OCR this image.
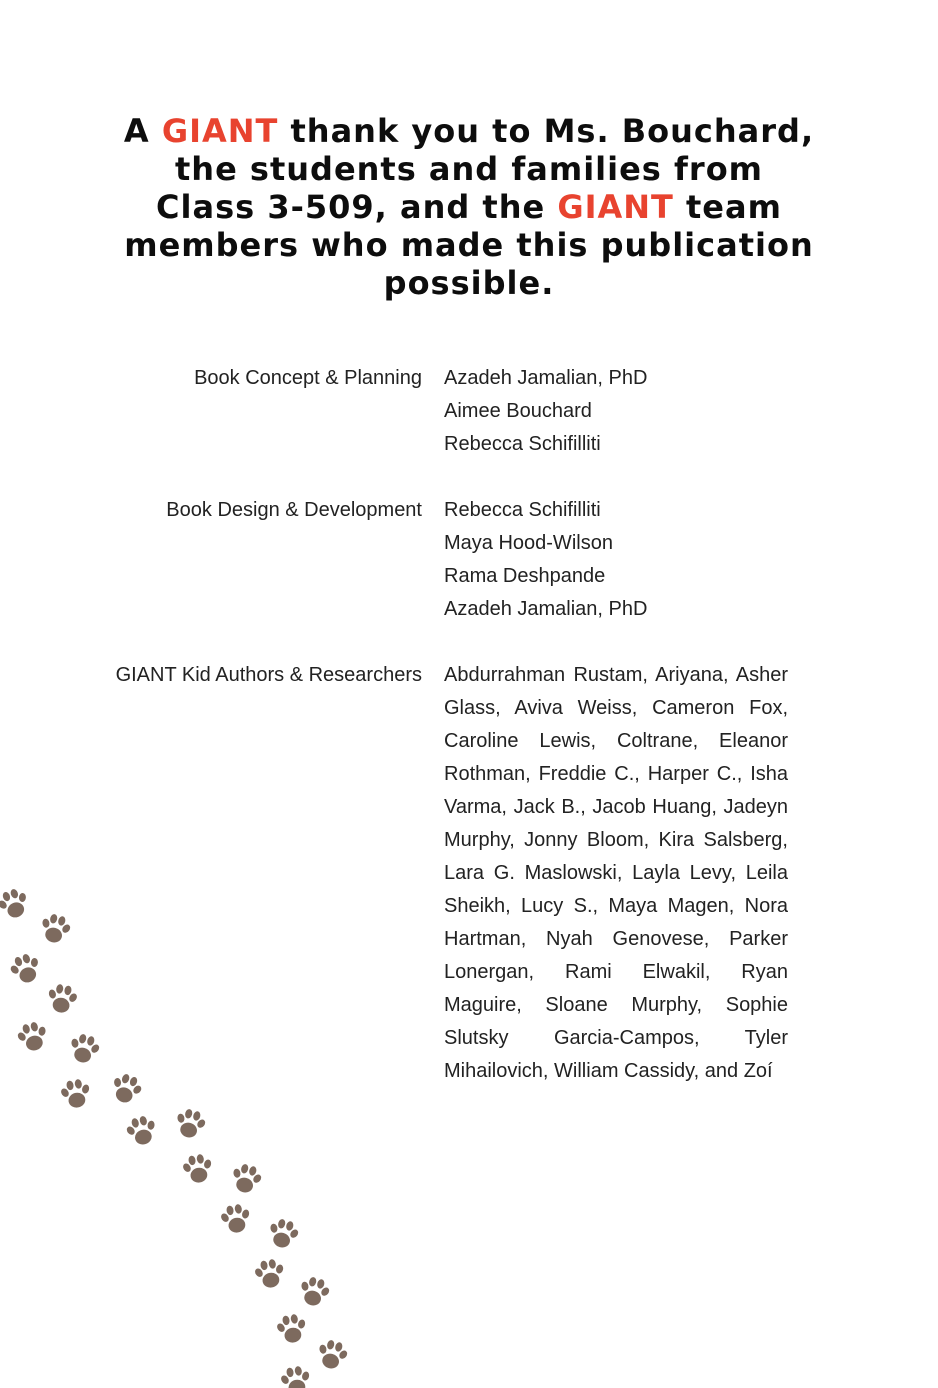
A GIANT thank you to Ms. Bouchard, the students and families from Class 3-509, and the GIANT team members who made this publication possible.
Book Concept & Planning Azadeh Jamalian, PhD
Aimee Bouchard
Rebecca Schifilliti
Book Design & Development Rebecca Schifilliti
Maya Hood-Wilson
Rama Deshpande
Azadeh Jamalian, PhD
GIANT Kid Authors & Researchers Abdurrahman Rustam, Ariyana, Asher Glass, Aviva Weiss, Cameron Fox, Caroline Lewis, Coltrane, Eleanor Rothman, Freddie C., Harper C., Isha Varma, Jack B., Jacob Huang, Jadeyn Murphy, Jonny Bloom, Kira Salsberg, Lara G. Maslowski, Layla Levy, Leila Sheikh, Lucy S., Maya Magen, Nora Hartman, Nyah Genovese, Parker Lonergan, Rami Elwakil, Ryan Maguire, Sloane Murphy, Sophie Slutsky Garcia-Campos, Tyler Mihailovich, William Cassidy, and Zoí
